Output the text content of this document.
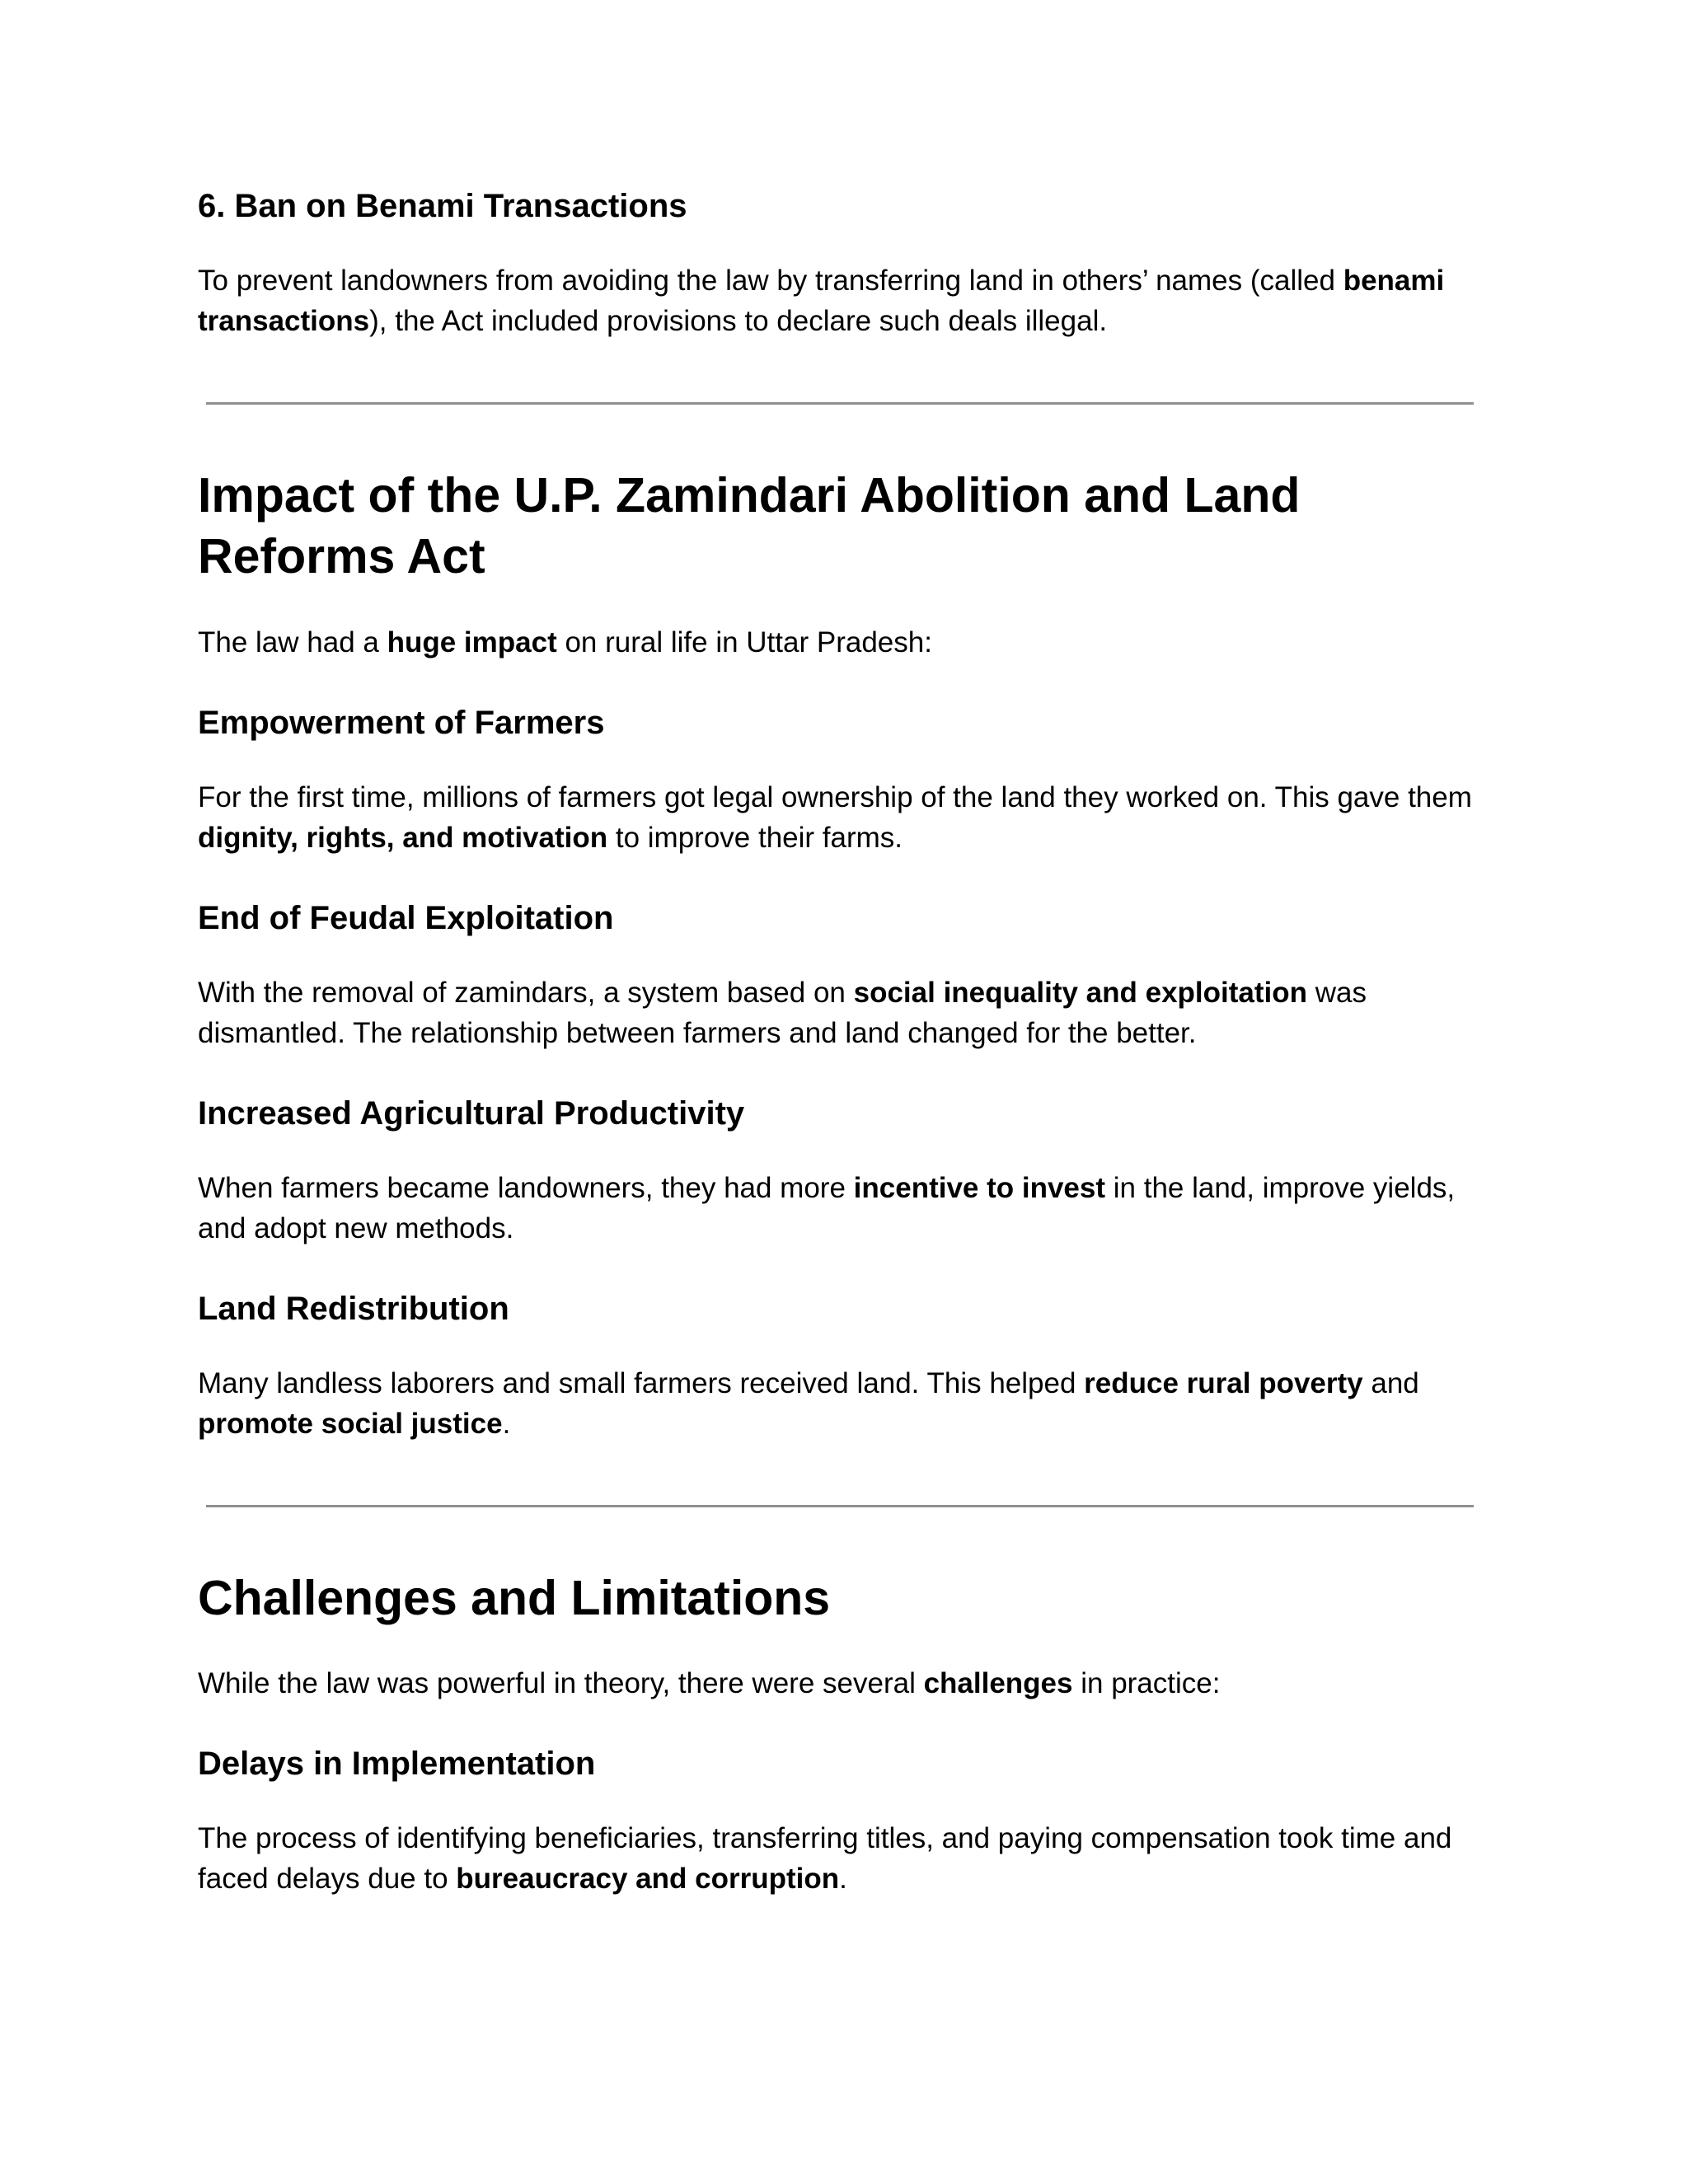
6. Ban on Benami Transactions

To prevent landowners from avoiding the law by transferring land in others’ names (called benami transactions), the Act included provisions to declare such deals illegal.

Impact of the U.P. Zamindari Abolition and Land Reforms Act

The law had a huge impact on rural life in Uttar Pradesh:

Empowerment of Farmers

For the first time, millions of farmers got legal ownership of the land they worked on. This gave them dignity, rights, and motivation to improve their farms.

End of Feudal Exploitation

With the removal of zamindars, a system based on social inequality and exploitation was dismantled. The relationship between farmers and land changed for the better.

Increased Agricultural Productivity

When farmers became landowners, they had more incentive to invest in the land, improve yields, and adopt new methods.

Land Redistribution

Many landless laborers and small farmers received land. This helped reduce rural poverty and promote social justice.

Challenges and Limitations

While the law was powerful in theory, there were several challenges in practice:

Delays in Implementation

The process of identifying beneficiaries, transferring titles, and paying compensation took time and faced delays due to bureaucracy and corruption.
